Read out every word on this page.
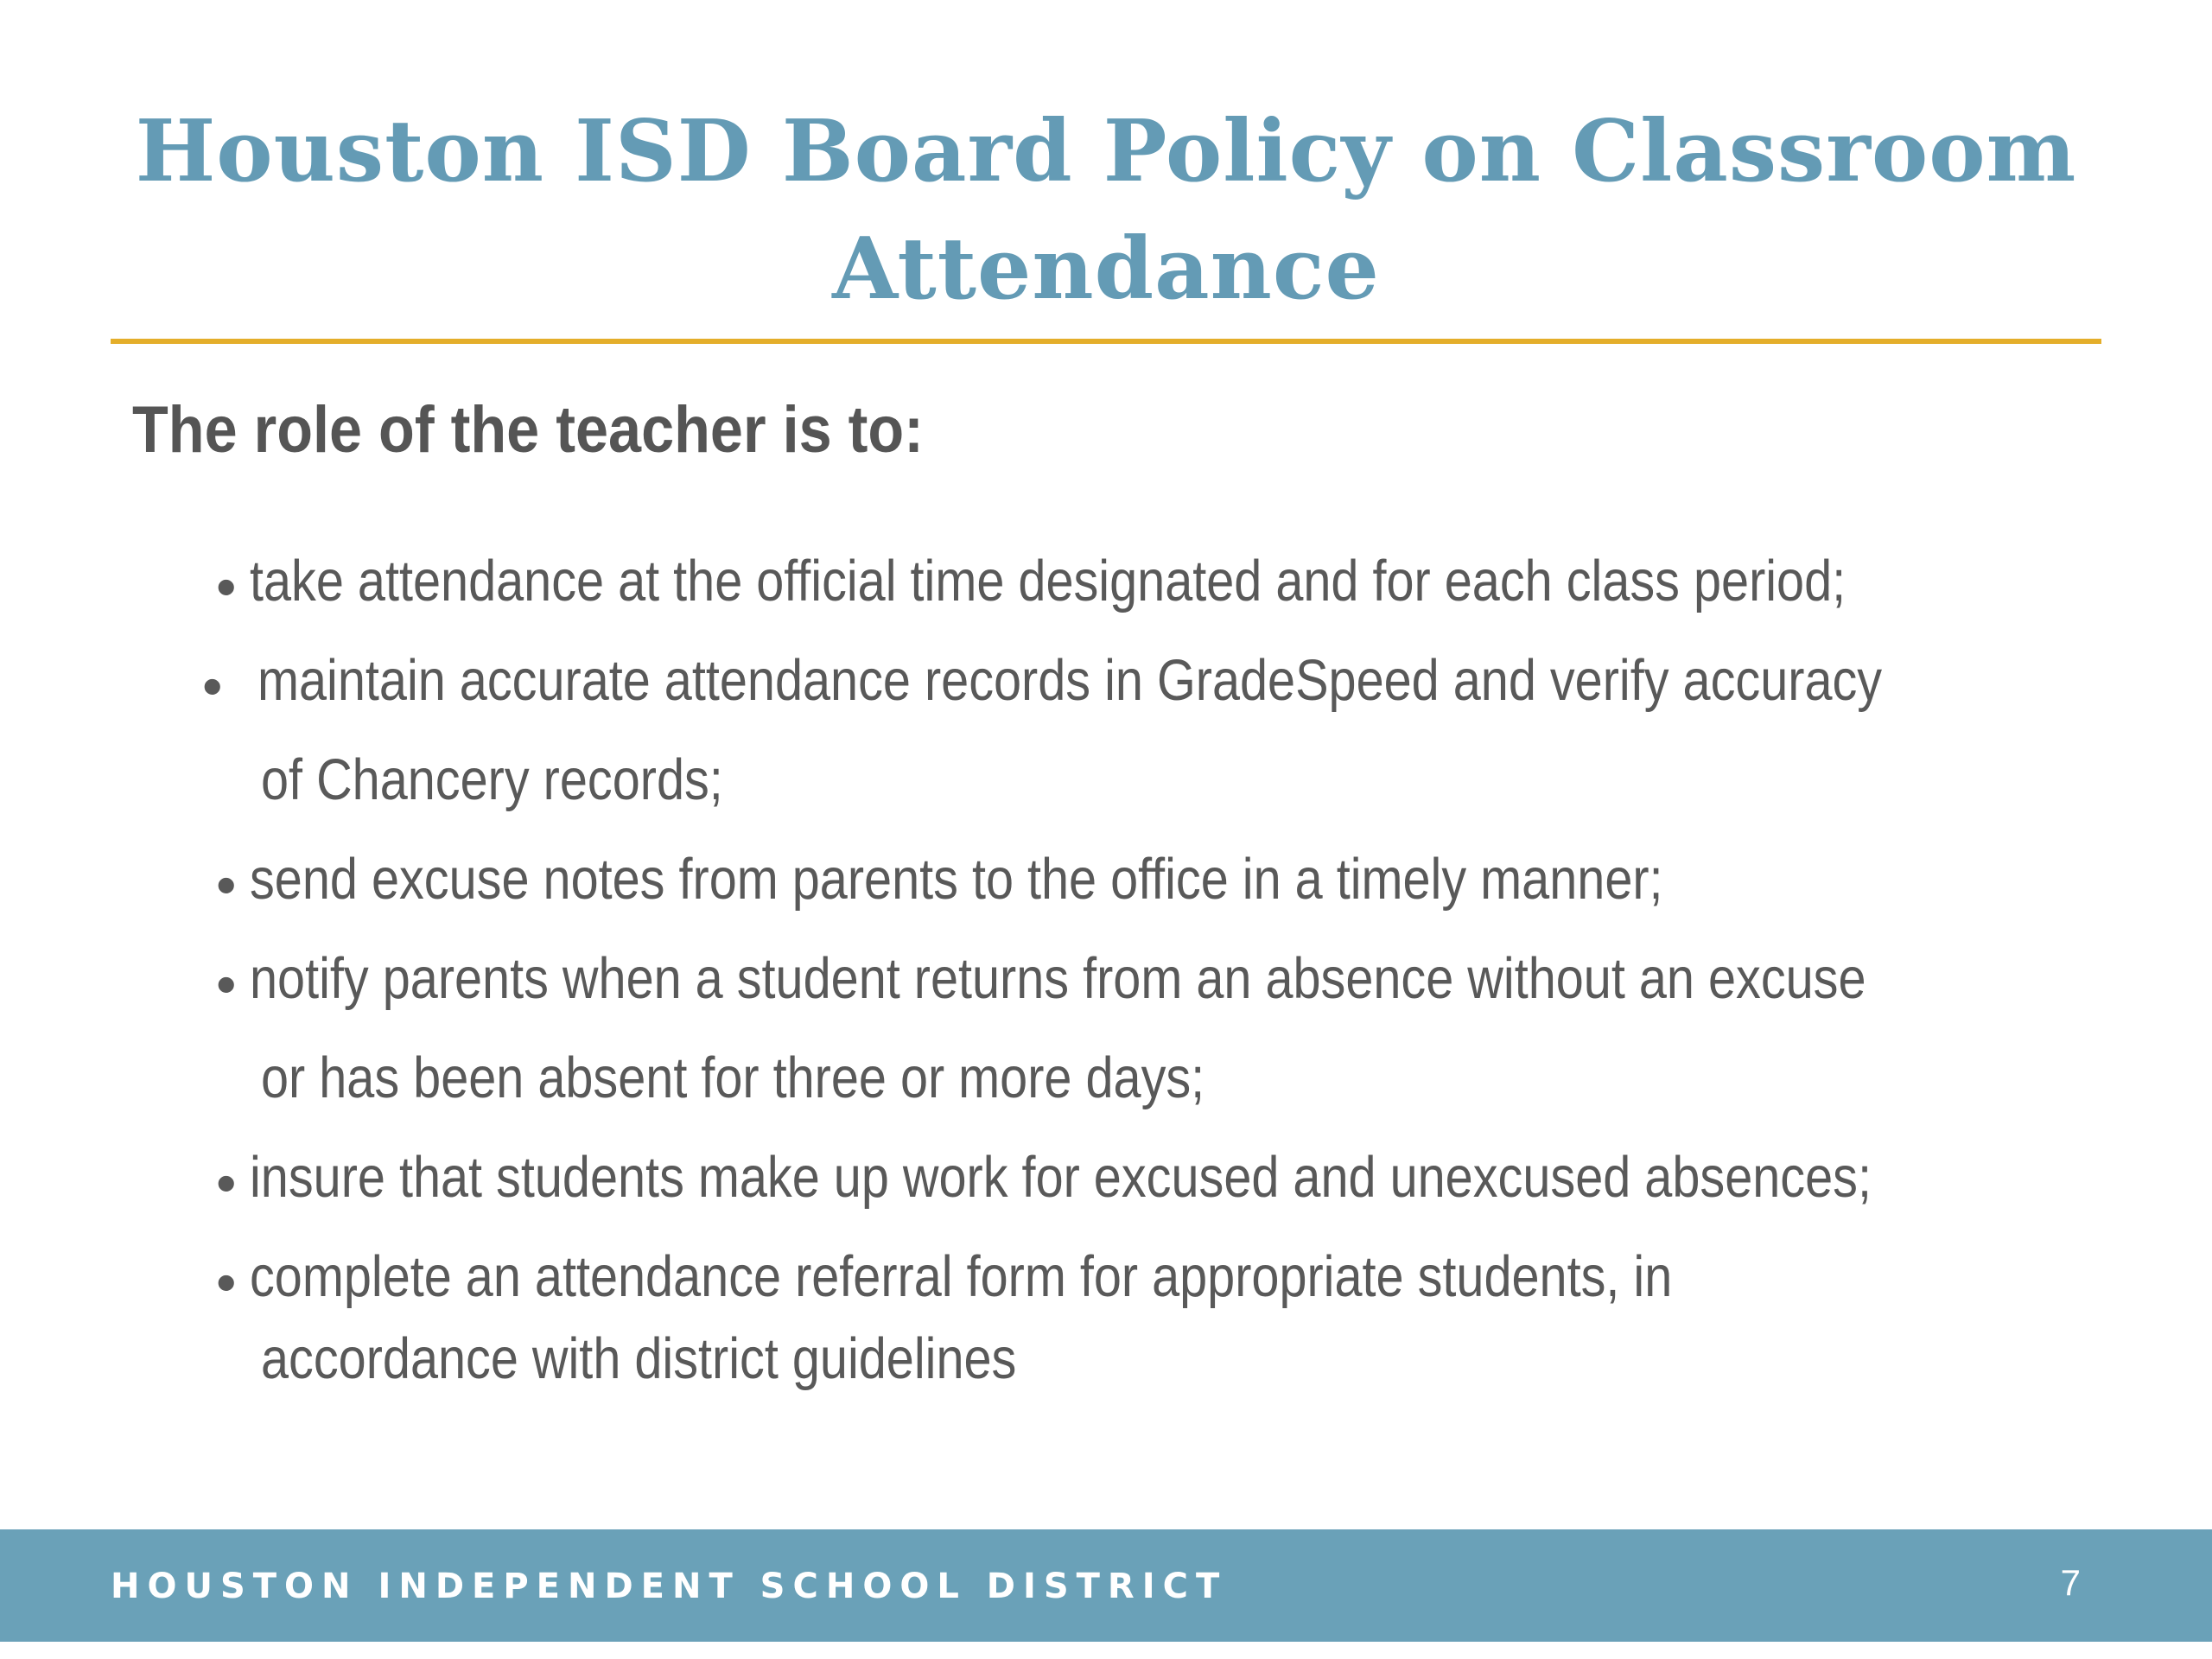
Houston ISD Board Policy on Classroom Attendance
The role of the teacher is to:
• take attendance at the official time designated and for each class period;
• maintain accurate attendance records in GradeSpeed and verify accuracy
of Chancery records;
• send excuse notes from parents to the office in a timely manner;
• notify parents when a student returns from an absence without an excuse
or has been absent for three or more days;
• insure that students make up work for excused and unexcused absences;
• complete an attendance referral form for appropriate students, in
accordance with district guidelines
HOUSTON INDEPENDENT SCHOOL DISTRICT	7
